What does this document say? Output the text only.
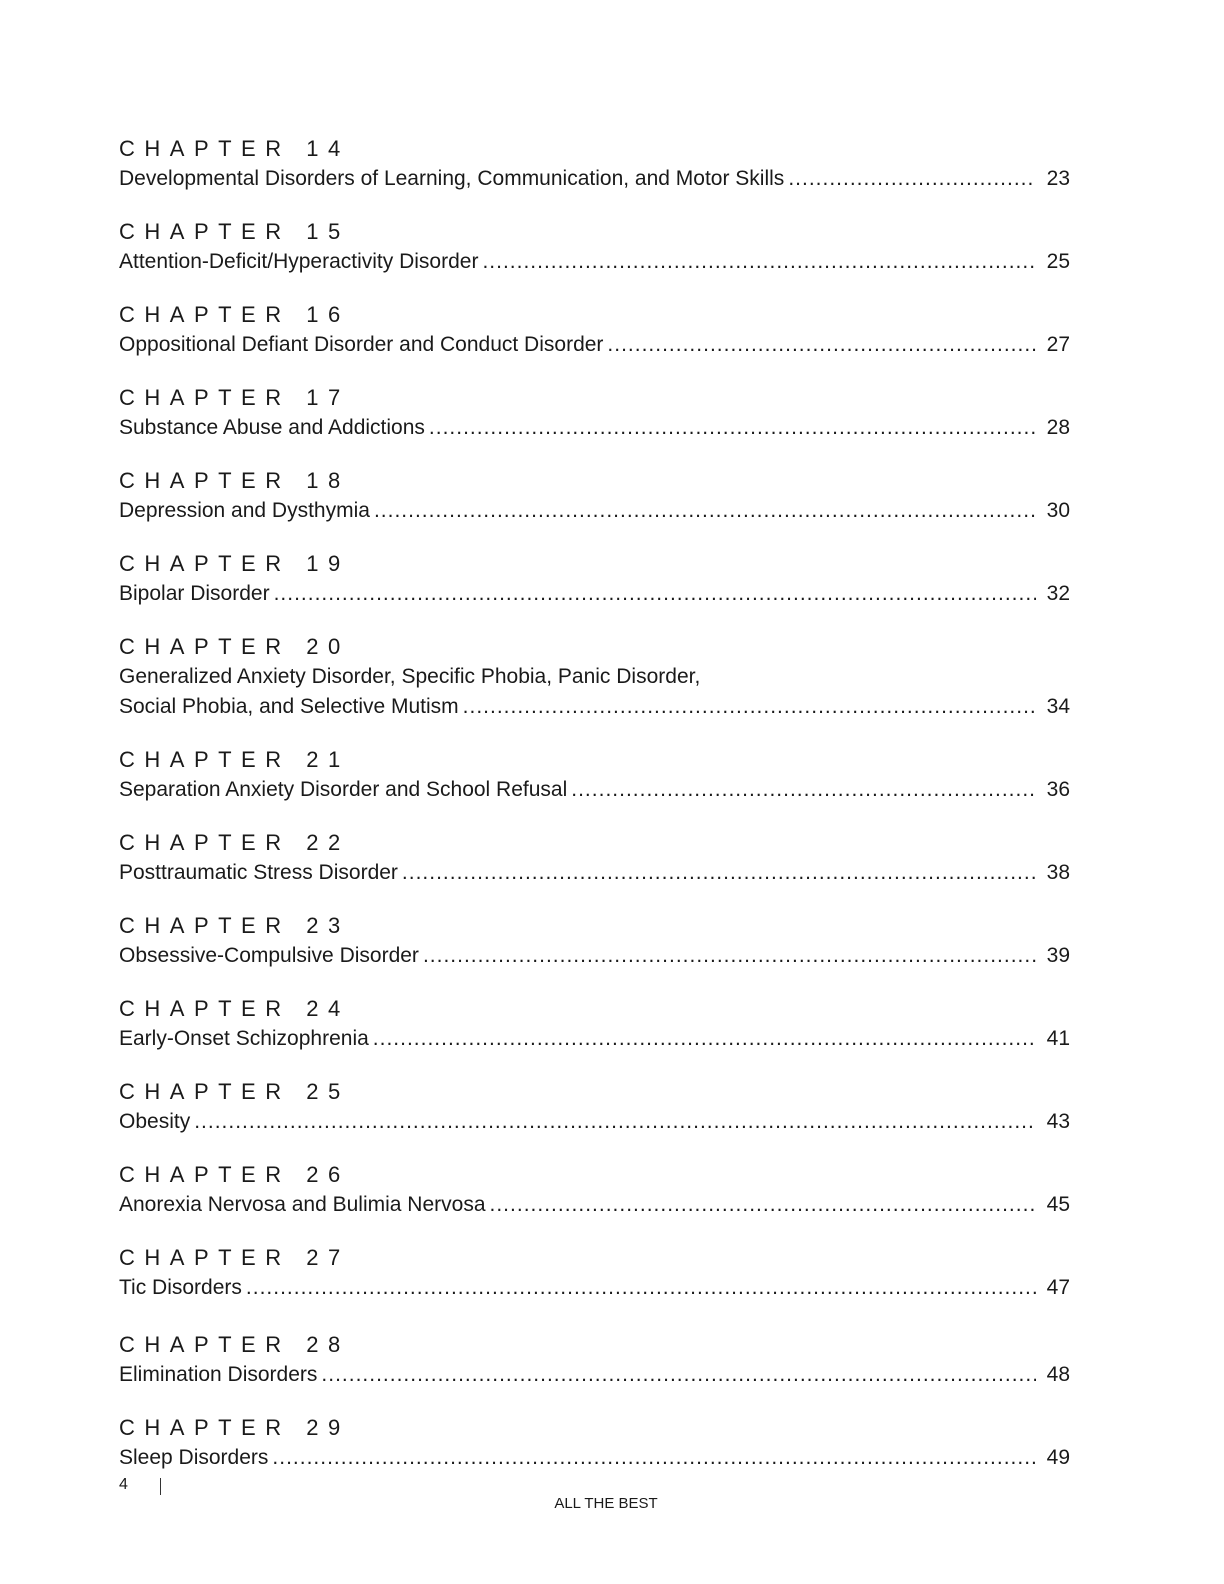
CHAPTER 14
Developmental Disorders of Learning, Communication, and Motor Skills .....	23
CHAPTER 15
Attention-Deficit/Hyperactivity Disorder .....	25
CHAPTER 16
Oppositional Defiant Disorder and Conduct Disorder .....	27
CHAPTER 17
Substance Abuse and Addictions .....	28
CHAPTER 18
Depression and Dysthymia .....	30
CHAPTER 19
Bipolar Disorder .....	32
CHAPTER 20
Generalized Anxiety Disorder, Specific Phobia, Panic Disorder,
Social Phobia, and Selective Mutism .....	34
CHAPTER 21
Separation Anxiety Disorder and School Refusal .....	36
CHAPTER 22
Posttraumatic Stress Disorder .....	38
CHAPTER 23
Obsessive-Compulsive Disorder .....	39
CHAPTER 24
Early-Onset Schizophrenia .....	41
CHAPTER 25
Obesity .....	43
CHAPTER 26
Anorexia Nervosa and Bulimia Nervosa .....	45
CHAPTER 27
Tic Disorders .....	47
CHAPTER 28
Elimination Disorders .....	48
CHAPTER 29
Sleep Disorders .....	49
4
ALL THE BEST
